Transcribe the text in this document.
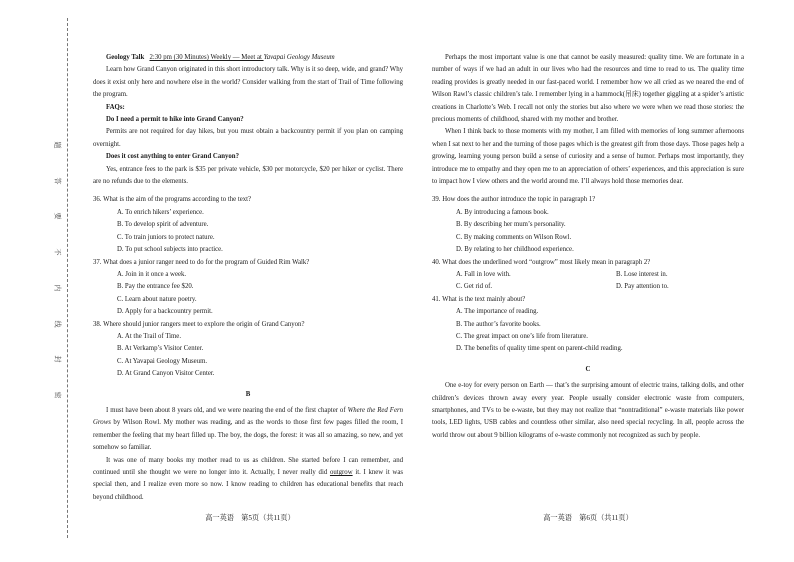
题
答
要
不
内
线
封
密

Geology Talk 2:30 pm (30 Minutes) Weekly — Meet at Yavapai Geology Museum

Learn how Grand Canyon originated in this short introductory talk. Why is it so deep, wide, and grand? Why does it exist only here and nowhere else in the world? Consider walking from the start of Trail of Time following the program.

FAQs:

Do I need a permit to hike into Grand Canyon?

Permits are not required for day hikes, but you must obtain a backcountry permit if you plan on camping overnight.

Does it cost anything to enter Grand Canyon?

Yes, entrance fees to the park is $35 per private vehicle, $30 per motorcycle, $20 per hiker or cyclist. There are no refunds due to the elements.

36. What is the aim of the programs according to the text?

A. To enrich hikers’ experience.

B. To develop spirit of adventure.

C. To train juniors to protect nature.

D. To put school subjects into practice.

37. What does a junior ranger need to do for the program of Guided Rim Walk?

A. Join in it once a week.

B. Pay the entrance fee $20.

C. Learn about nature poetry.

D. Apply for a backcountry permit.

38. Where should junior rangers meet to explore the origin of Grand Canyon?

A. At the Trail of Time.

B. At Verkamp’s Visitor Center.

C. At Yavapai Geology Museum.

D. At Grand Canyon Visitor Center.

B

I must have been about 8 years old, and we were nearing the end of the first chapter of Where the Red Fern Grows by Wilson Rowl. My mother was reading, and as the words to those first few pages filled the room, I remember the feeling that my heart filled up. The boy, the dogs, the forest: it was all so amazing, so new, and yet somehow so familiar.

It was one of many books my mother read to us as children. She started before I can remember, and continued until she thought we were no longer into it. Actually, I never really did outgrow it. I knew it was special then, and I realize even more so now. I know reading to children has educational benefits that reach beyond childhood.

Perhaps the most important value is one that cannot be easily measured: quality time. We are fortunate in a number of ways if we had an adult in our lives who had the resources and time to read to us. The quality time reading provides is greatly needed in our fast-paced world. I remember how we all cried as we neared the end of Wilson Rawl’s classic children’s tale. I remember lying in a hammock(吊床) together giggling at a spider’s artistic creations in Charlotte’s Web. I recall not only the stories but also where we were when we read those stories: the precious moments of childhood, shared with my mother and brother.

When I think back to those moments with my mother, I am filled with memories of long summer afternoons when I sat next to her and the turning of those pages which is the greatest gift from those days. Those pages help a growing, learning young person build a sense of curiosity and a sense of humor. Perhaps most importantly, they introduce me to empathy and they open me to an appreciation of others’ experiences, and this appreciation is sure to impact how I view others and the world around me. I’ll always hold those memories dear.

39. How does the author introduce the topic in paragraph 1?

A. By introducing a famous book.

B. By describing her mum’s personality.

C. By making comments on Wilson Rowl.

D. By relating to her childhood experience.

40. What does the underlined word “outgrow” most likely mean in paragraph 2?

A. Fall in love with.	B. Lose interest in.
C. Get rid of.	D. Pay attention to.

41. What is the text mainly about?

A. The importance of reading.

B. The author’s favorite books.

C. The great impact on one’s life from literature.

D. The benefits of quality time spent on parent-child reading.

C

One e-toy for every person on Earth — that’s the surprising amount of electric trains, talking dolls, and other children’s devices thrown away every year. People usually consider electronic waste from computers, smartphones, and TVs to be e-waste, but they may not realize that “nontraditional” e-waste materials like power tools, LED lights, USB cables and countless other similar, also need special recycling. In all, people across the world throw out about 9 billion kilograms of e-waste commonly not recognized as such by people.

高一英语　第5页（共11页）	高一英语　第6页（共11页）
